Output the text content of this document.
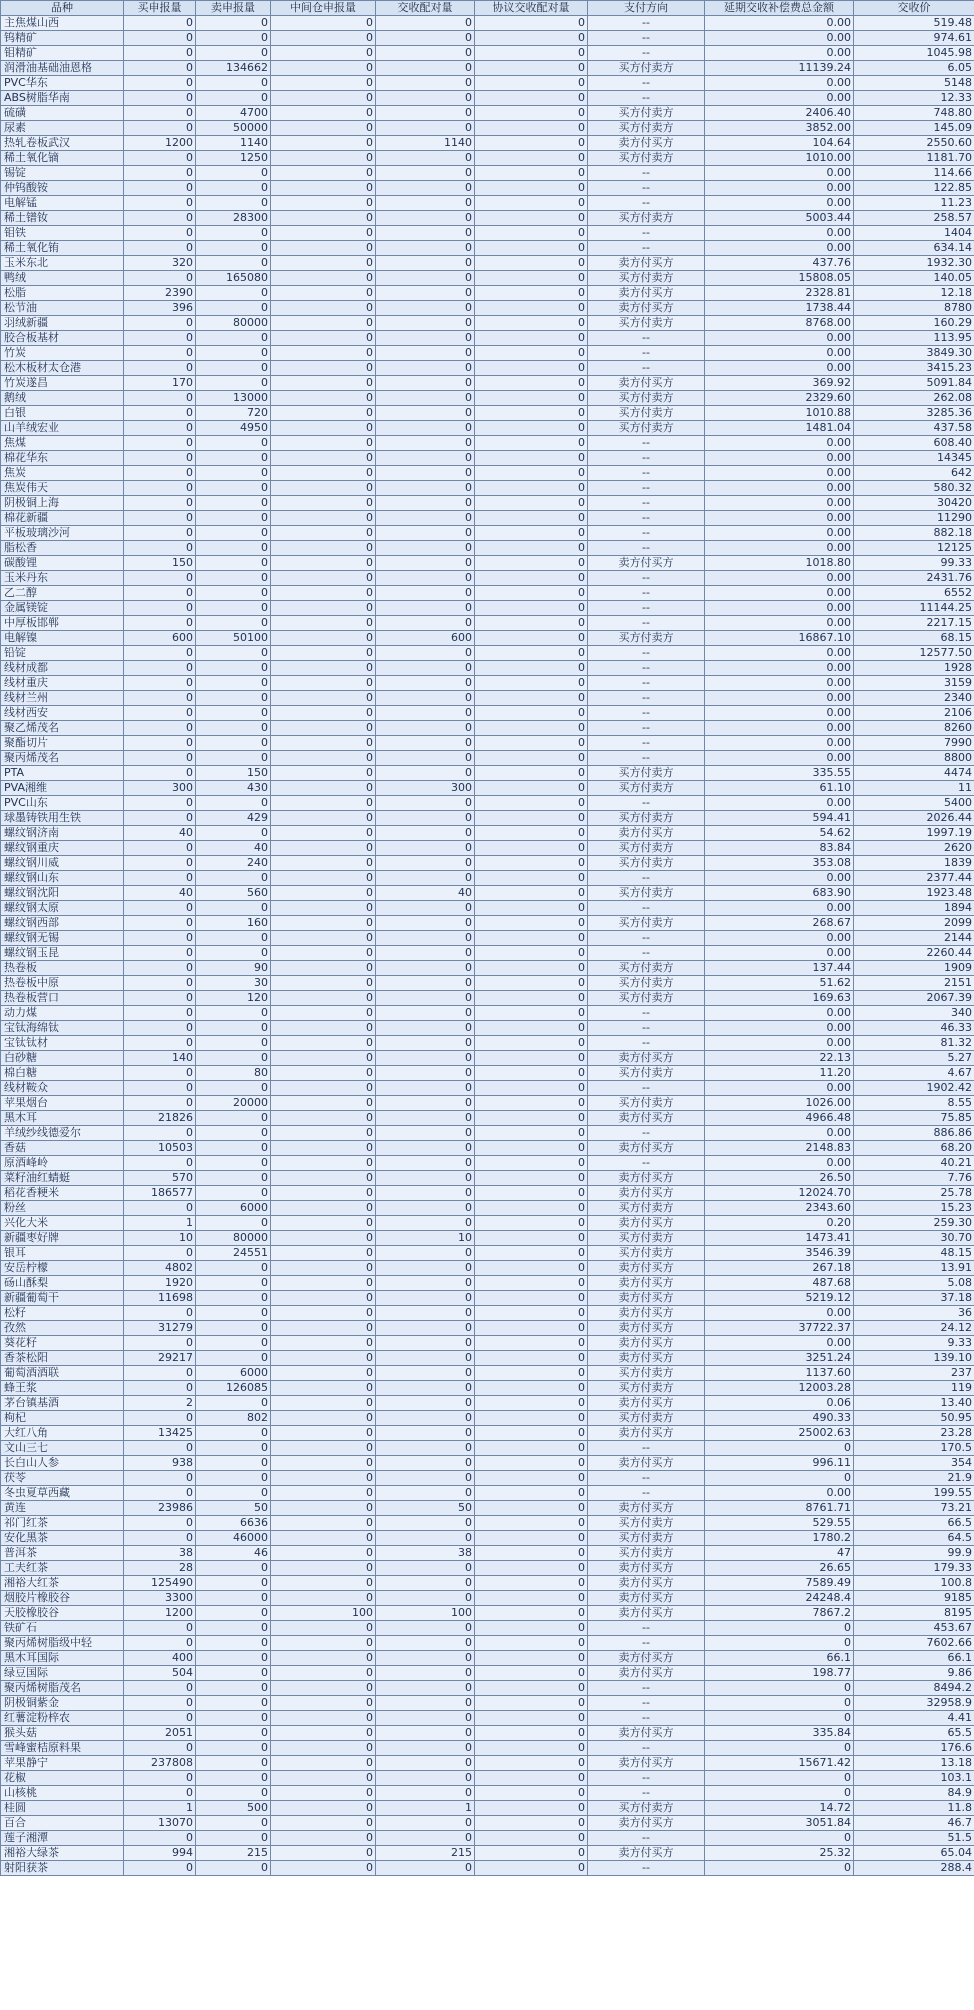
品种	买申报量	卖申报量	中间仓申报量	交收配对量	协议交收配对量	支付方向	延期交收补偿费总金额	交收价
主焦煤山西	0	0	0	0	0	--	0.00	519.48
钨精矿	0	0	0	0	0	--	0.00	974.61
钼精矿	0	0	0	0	0	--	0.00	1045.98
润滑油基础油恩格	0	134662	0	0	0	买方付卖方	11139.24	6.05
PVC华东	0	0	0	0	0	--	0.00	5148
ABS树脂华南	0	0	0	0	0	--	0.00	12.33
硫磺	0	4700	0	0	0	买方付卖方	2406.40	748.80
尿素	0	50000	0	0	0	买方付卖方	3852.00	145.09
热轧卷板武汉	1200	1140	0	1140	0	卖方付买方	104.64	2550.60
稀土氧化镝	0	1250	0	0	0	买方付卖方	1010.00	1181.70
锡锭	0	0	0	0	0	--	0.00	114.66
仲钨酸铵	0	0	0	0	0	--	0.00	122.85
电解锰	0	0	0	0	0	--	0.00	11.23
稀土镨钕	0	28300	0	0	0	买方付卖方	5003.44	258.57
钼铁	0	0	0	0	0	--	0.00	1404
稀土氧化铕	0	0	0	0	0	--	0.00	634.14
玉米东北	320	0	0	0	0	卖方付买方	437.76	1932.30
鸭绒	0	165080	0	0	0	买方付卖方	15808.05	140.05
松脂	2390	0	0	0	0	卖方付买方	2328.81	12.18
松节油	396	0	0	0	0	卖方付买方	1738.44	8780
羽绒新疆	0	80000	0	0	0	买方付卖方	8768.00	160.29
胶合板基材	0	0	0	0	0	--	0.00	113.95
竹炭	0	0	0	0	0	--	0.00	3849.30
松木板材太仓港	0	0	0	0	0	--	0.00	3415.23
竹炭遂昌	170	0	0	0	0	卖方付买方	369.92	5091.84
鹅绒	0	13000	0	0	0	买方付卖方	2329.60	262.08
白银	0	720	0	0	0	买方付卖方	1010.88	3285.36
山羊绒宏业	0	4950	0	0	0	买方付卖方	1481.04	437.58
焦煤	0	0	0	0	0	--	0.00	608.40
棉花华东	0	0	0	0	0	--	0.00	14345
焦炭	0	0	0	0	0	--	0.00	642
焦炭伟天	0	0	0	0	0	--	0.00	580.32
阴极铜上海	0	0	0	0	0	--	0.00	30420
棉花新疆	0	0	0	0	0	--	0.00	11290
平板玻璃沙河	0	0	0	0	0	--	0.00	882.18
脂松香	0	0	0	0	0	--	0.00	12125
碳酸锂	150	0	0	0	0	卖方付买方	1018.80	99.33
玉米丹东	0	0	0	0	0	--	0.00	2431.76
乙二醇	0	0	0	0	0	--	0.00	6552
金属镁锭	0	0	0	0	0	--	0.00	11144.25
中厚板邯郸	0	0	0	0	0	--	0.00	2217.15
电解镍	600	50100	0	600	0	买方付卖方	16867.10	68.15
铅锭	0	0	0	0	0	--	0.00	12577.50
线材成都	0	0	0	0	0	--	0.00	1928
线材重庆	0	0	0	0	0	--	0.00	3159
线材兰州	0	0	0	0	0	--	0.00	2340
线材西安	0	0	0	0	0	--	0.00	2106
聚乙烯茂名	0	0	0	0	0	--	0.00	8260
聚酯切片	0	0	0	0	0	--	0.00	7990
聚丙烯茂名	0	0	0	0	0	--	0.00	8800
PTA	0	150	0	0	0	买方付卖方	335.55	4474
PVA湘维	300	430	0	300	0	买方付卖方	61.10	11
PVC山东	0	0	0	0	0	--	0.00	5400
球墨铸铁用生铁	0	429	0	0	0	买方付卖方	594.41	2026.44
螺纹钢济南	40	0	0	0	0	卖方付买方	54.62	1997.19
螺纹钢重庆	0	40	0	0	0	买方付卖方	83.84	2620
螺纹钢川威	0	240	0	0	0	买方付卖方	353.08	1839
螺纹钢山东	0	0	0	0	0	--	0.00	2377.44
螺纹钢沈阳	40	560	0	40	0	买方付卖方	683.90	1923.48
螺纹钢太原	0	0	0	0	0	--	0.00	1894
螺纹钢西部	0	160	0	0	0	买方付卖方	268.67	2099
螺纹钢无锡	0	0	0	0	0	--	0.00	2144
螺纹钢玉昆	0	0	0	0	0	--	0.00	2260.44
热卷板	0	90	0	0	0	买方付卖方	137.44	1909
热卷板中原	0	30	0	0	0	买方付卖方	51.62	2151
热卷板营口	0	120	0	0	0	买方付卖方	169.63	2067.39
动力煤	0	0	0	0	0	--	0.00	340
宝钛海绵钛	0	0	0	0	0	--	0.00	46.33
宝钛钛材	0	0	0	0	0	--	0.00	81.32
白砂糖	140	0	0	0	0	卖方付买方	22.13	5.27
棉白糖	0	80	0	0	0	买方付卖方	11.20	4.67
线材鞍众	0	0	0	0	0	--	0.00	1902.42
苹果烟台	0	20000	0	0	0	买方付卖方	1026.00	8.55
黑木耳	21826	0	0	0	0	卖方付买方	4966.48	75.85
羊绒纱线德爱尔	0	0	0	0	0	--	0.00	886.86
香菇	10503	0	0	0	0	卖方付买方	2148.83	68.20
原酒峰岭	0	0	0	0	0	--	0.00	40.21
菜籽油红蜻蜓	570	0	0	0	0	卖方付买方	26.50	7.76
稻花香粳米	186577	0	0	0	0	卖方付买方	12024.70	25.78
粉丝	0	6000	0	0	0	买方付卖方	2343.60	15.23
兴化大米	1	0	0	0	0	卖方付买方	0.20	259.30
新疆枣好牌	10	80000	0	10	0	买方付卖方	1473.41	30.70
银耳	0	24551	0	0	0	买方付卖方	3546.39	48.15
安岳柠檬	4802	0	0	0	0	卖方付买方	267.18	13.91
砀山酥梨	1920	0	0	0	0	卖方付买方	487.68	5.08
新疆葡萄干	11698	0	0	0	0	卖方付买方	5219.12	37.18
松籽	0	0	0	0	0	卖方付买方	0.00	36
孜然	31279	0	0	0	0	卖方付买方	37722.37	24.12
葵花籽	0	0	0	0	0	卖方付买方	0.00	9.33
香茶松阳	29217	0	0	0	0	卖方付买方	3251.24	139.10
葡萄酒酒联	0	6000	0	0	0	买方付卖方	1137.60	237
蜂王浆	0	126085	0	0	0	买方付卖方	12003.28	119
茅台镇基酒	2	0	0	0	0	卖方付买方	0.06	13.40
枸杞	0	802	0	0	0	买方付卖方	490.33	50.95
大红八角	13425	0	0	0	0	卖方付买方	25002.63	23.28
文山三七	0	0	0	0	0	--	0	170.5
长白山人参	938	0	0	0	0	卖方付买方	996.11	354
茯苓	0	0	0	0	0	--	0	21.9
冬虫夏草西藏	0	0	0	0	0	--	0.00	199.55
黄连	23986	50	0	50	0	卖方付买方	8761.71	73.21
祁门红茶	0	6636	0	0	0	买方付卖方	529.55	66.5
安化黑茶	0	46000	0	0	0	买方付卖方	1780.2	64.5
普洱茶	38	46	0	38	0	买方付卖方	47	99.9
工夫红茶	28	0	0	0	0	卖方付买方	26.65	179.33
湘裕大红茶	125490	0	0	0	0	卖方付买方	7589.49	100.8
烟胶片橡胶谷	3300	0	0	0	0	卖方付买方	24248.4	9185
天胶橡胶谷	1200	0	100	100	0	卖方付买方	7867.2	8195
铁矿石	0	0	0	0	0	--	0	453.67
聚丙烯树脂级中轻	0	0	0	0	0	--	0	7602.66
黑木耳国际	400	0	0	0	0	卖方付买方	66.1	66.1
绿豆国际	504	0	0	0	0	卖方付买方	198.77	9.86
聚丙烯树脂茂名	0	0	0	0	0	--	0	8494.2
阴极铜紫金	0	0	0	0	0	--	0	32958.9
红薯淀粉梓农	0	0	0	0	0	--	0	4.41
猴头菇	2051	0	0	0	0	卖方付买方	335.84	65.5
雪峰蜜桔原料果	0	0	0	0	0	--	0	176.6
苹果静宁	237808	0	0	0	0	卖方付买方	15671.42	13.18
花椒	0	0	0	0	0	--	0	103.1
山核桃	0	0	0	0	0	--	0	84.9
桂圆	1	500	0	1	0	买方付卖方	14.72	11.8
百合	13070	0	0	0	0	卖方付买方	3051.84	46.7
莲子湘潭	0	0	0	0	0	--	0	51.5
湘裕大绿茶	994	215	0	215	0	卖方付买方	25.32	65.04
射阳获茶	0	0	0	0	0	--	0	288.4
